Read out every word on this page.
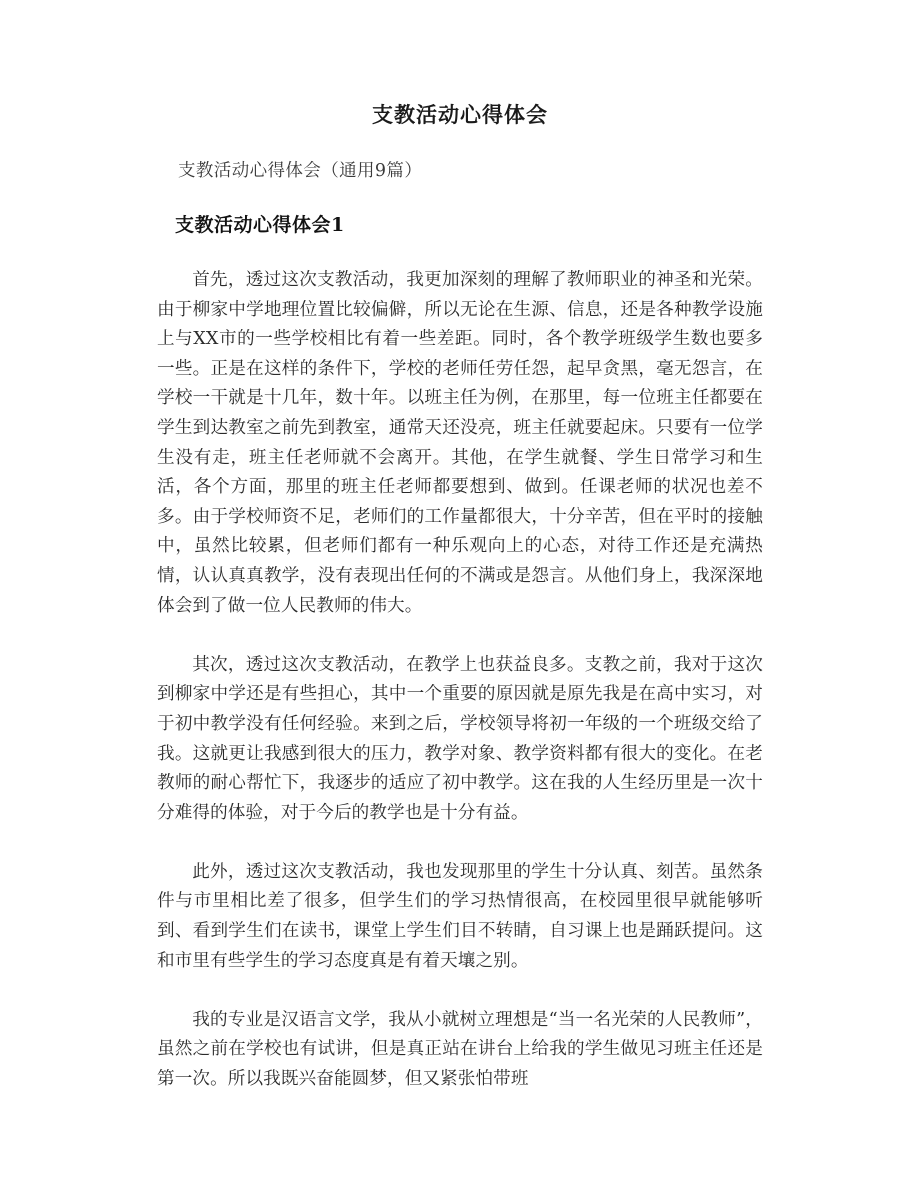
支教活动心得体会

支教活动心得体会（通用9篇）

支教活动心得体会1

首先，透过这次支教活动，我更加深刻的理解了教师职业的神圣和光荣。由于柳家中学地理位置比较偏僻，所以无论在生源、信息，还是各种教学设施上与XX市的一些学校相比有着一些差距。同时，各个教学班级学生数也要多一些。正是在这样的条件下，学校的老师任劳任怨，起早贪黑，毫无怨言，在学校一干就是十几年，数十年。以班主任为例，在那里，每一位班主任都要在学生到达教室之前先到教室，通常天还没亮，班主任就要起床。只要有一位学生没有走，班主任老师就不会离开。其他，在学生就餐、学生日常学习和生活，各个方面，那里的班主任老师都要想到、做到。任课老师的状况也差不多。由于学校师资不足，老师们的工作量都很大，十分辛苦，但在平时的接触中，虽然比较累，但老师们都有一种乐观向上的心态，对待工作还是充满热情，认认真真教学，没有表现出任何的不满或是怨言。从他们身上，我深深地体会到了做一位人民教师的伟大。

其次，透过这次支教活动，在教学上也获益良多。支教之前，我对于这次到柳家中学还是有些担心，其中一个重要的原因就是原先我是在高中实习，对于初中教学没有任何经验。来到之后，学校领导将初一年级的一个班级交给了我。这就更让我感到很大的压力，教学对象、教学资料都有很大的变化。在老教师的耐心帮忙下，我逐步的适应了初中教学。这在我的人生经历里是一次十分难得的体验，对于今后的教学也是十分有益。

此外，透过这次支教活动，我也发现那里的学生十分认真、刻苦。虽然条件与市里相比差了很多，但学生们的学习热情很高，在校园里很早就能够听到、看到学生们在读书，课堂上学生们目不转睛，自习课上也是踊跃提问。这和市里有些学生的学习态度真是有着天壤之别。

我的专业是汉语言文学，我从小就树立理想是“当一名光荣的人民教师”，虽然之前在学校也有试讲，但是真正站在讲台上给我的学生做见习班主任还是第一次。所以我既兴奋能圆梦，但又紧张怕带班
